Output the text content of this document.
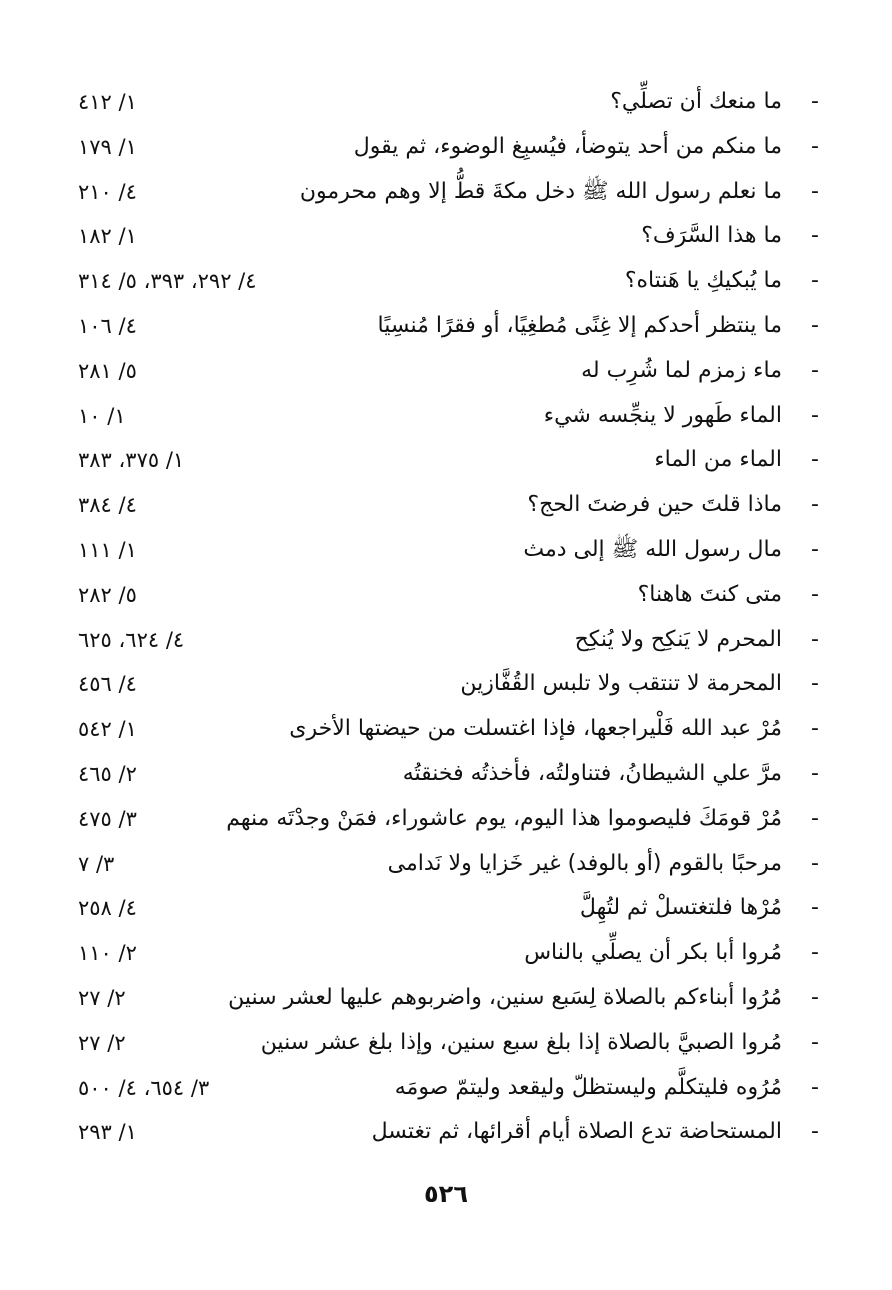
-
ما منعك أن تصلِّي؟
١/ ٤١٢
-
ما منكم من أحد يتوضأ، فيُسبِغ الوضوء، ثم يقول
١/ ١٧٩
-
ما نعلم رسول الله ﷺ دخل مكةَ قطُّ إلا وهم محرمون
٤/ ٢١٠
-
ما هذا السَّرَف؟
١/ ١٨٢
-
ما يُبكيكِ يا هَنتاه؟
٤/ ٢٩٢، ٣٩٣، ٥/ ٣١٤
-
ما ينتظر أحدكم إلا غِنًى مُطغِيًا، أو فقرًا مُنسِيًا
٤/ ١٠٦
-
ماء زمزم لما شُرِب له
٥/ ٢٨١
-
الماء طَهور لا ينجِّسه شيء
١/ ١٠
-
الماء من الماء
١/ ٣٧٥، ٣٨٣
-
ماذا قلتَ حين فرضتَ الحج؟
٤/ ٣٨٤
-
مال رسول الله ﷺ إلى دمث
١/ ١١١
-
متى كنتَ هاهنا؟
٥/ ٢٨٢
-
المحرم لا يَنكِح ولا يُنكِح
٤/ ٦٢٤، ٦٢٥
-
المحرمة لا تنتقب ولا تلبس القُفَّازين
٤/ ٤٥٦
-
مُرْ عبد الله فَلْيراجعها، فإذا اغتسلت من حيضتها الأخرى
١/ ٥٤٢
-
مرَّ علي الشيطانُ، فتناولتُه، فأخذتُه فخنقتُه
٢/ ٤٦٥
-
مُرْ قومَكَ فليصوموا هذا اليوم، يوم عاشوراء، فمَنْ وجدْتَه منهم
٣/ ٤٧٥
-
مرحبًا بالقوم (أو بالوفد) غير خَزايا ولا نَدامى
٣/ ٧
-
مُرْها فلتغتسلْ ثم لتُهِلَّ
٤/ ٢٥٨
-
مُروا أبا بكر أن يصلِّي بالناس
٢/ ١١٠
-
مُرُوا أبناءكم بالصلاة لِسَبع سنين، واضربوهم عليها لعشر سنين
٢/ ٢٧
-
مُروا الصبيَّ بالصلاة إذا بلغ سبع سنين، وإذا بلغ عشر سنين
٢/ ٢٧
-
مُرُوه فليتكلَّم وليستظلّ وليقعد وليتمّ صومَه
٣/ ٦٥٤، ٤/ ٥٠٠
-
المستحاضة تدع الصلاة أيام أقرائها، ثم تغتسل
١/ ٢٩٣
٥٢٦
